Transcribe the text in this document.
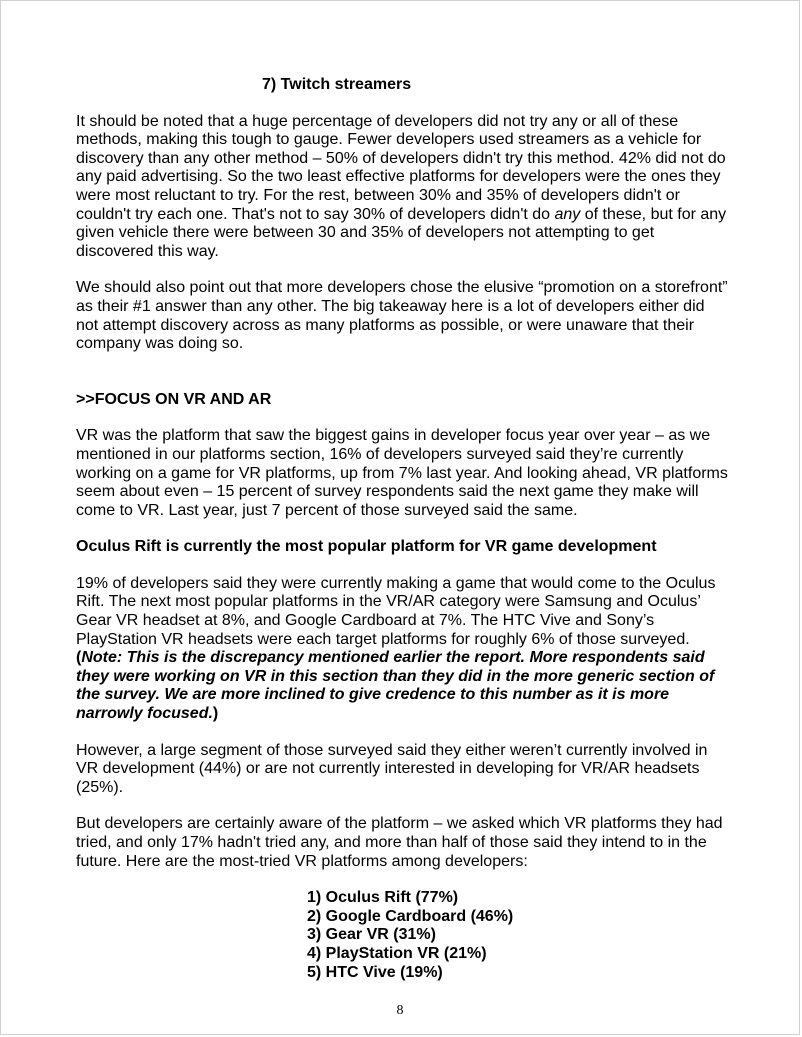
7) Twitch streamers

It should be noted that a huge percentage of developers did not try any or all of these methods, making this tough to gauge. Fewer developers used streamers as a vehicle for discovery than any other method – 50% of developers didn't try this method. 42% did not do any paid advertising. So the two least effective platforms for developers were the ones they were most reluctant to try. For the rest, between 30% and 35% of developers didn't or couldn't try each one. That's not to say 30% of developers didn't do any of these, but for any given vehicle there were between 30 and 35% of developers not attempting to get discovered this way.

We should also point out that more developers chose the elusive “promotion on a storefront” as their #1 answer than any other. The big takeaway here is a lot of developers either did not attempt discovery across as many platforms as possible, or were unaware that their company was doing so.

>>FOCUS ON VR AND AR

VR was the platform that saw the biggest gains in developer focus year over year – as we mentioned in our platforms section, 16% of developers surveyed said they’re currently working on a game for VR platforms, up from 7% last year. And looking ahead, VR platforms seem about even – 15 percent of survey respondents said the next game they make will come to VR. Last year, just 7 percent of those surveyed said the same.

Oculus Rift is currently the most popular platform for VR game development

19% of developers said they were currently making a game that would come to the Oculus Rift. The next most popular platforms in the VR/AR category were Samsung and Oculus’ Gear VR headset at 8%, and Google Cardboard at 7%. The HTC Vive and Sony’s PlayStation VR headsets were each target platforms for roughly 6% of those surveyed. (Note: This is the discrepancy mentioned earlier the report. More respondents said they were working on VR in this section than they did in the more generic section of the survey. We are more inclined to give credence to this number as it is more narrowly focused.)

However, a large segment of those surveyed said they either weren’t currently involved in VR development (44%) or are not currently interested in developing for VR/AR headsets (25%).

But developers are certainly aware of the platform – we asked which VR platforms they had tried, and only 17% hadn't tried any, and more than half of those said they intend to in the future. Here are the most-tried VR platforms among developers:

1) Oculus Rift (77%)
2) Google Cardboard (46%)
3) Gear VR (31%)
4) PlayStation VR (21%)
5) HTC Vive (19%)
8
